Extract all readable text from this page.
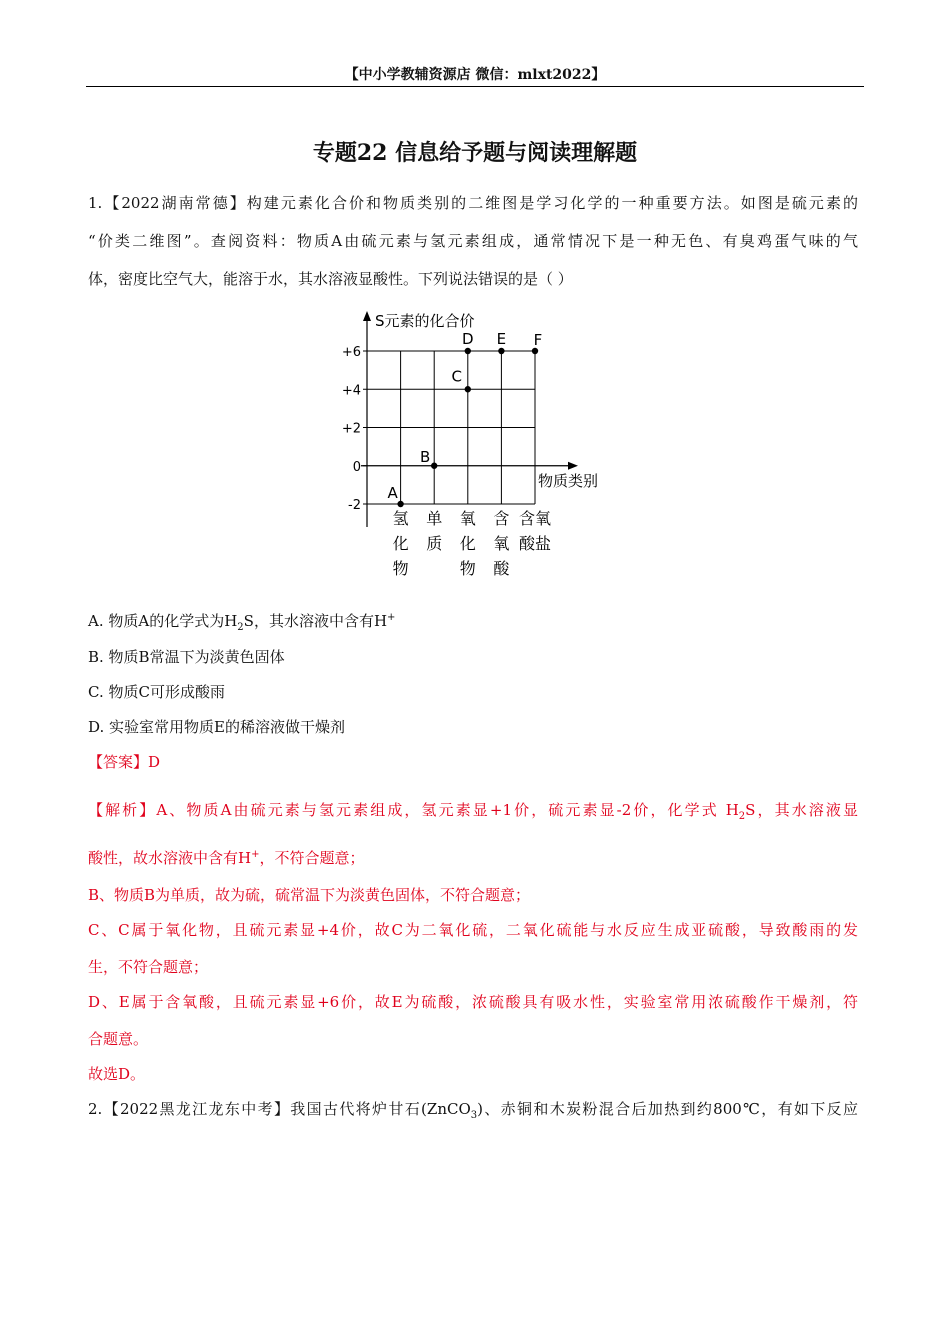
【中小学教辅资源店 微信：mlxt2022】
专题22 信息给予题与阅读理解题
1.【2022湖南常德】构建元素化合价和物质类别的二维图是学习化学的一种重要方法。如图是硫元素的
“价类二维图”。查阅资料：物质A由硫元素与氢元素组成，通常情况下是一种无色、有臭鸡蛋气味的气
体，密度比空气大，能溶于水，其水溶液显酸性。下列说法错误的是（ ）
S元素的化合价
物质类别
+6
+4
+2
0
-2
氢
化
物
单
质
氧
化
物
含
氧
酸
含氧
酸盐
A
B
C
D E F
A. 物质A的化学式为$H_2S$，其水溶液中含有H+
B. 物质B常温下为淡黄色固体
C. 物质C可形成酸雨
D. 实验室常用物质E的稀溶液做干燥剂
【答案】D
【解析】A、物质A由硫元素与氢元素组成，氢元素显+1价，硫元素显-2价，化学式 $H_2S$，其水溶液显
酸性，故水溶液中含有H+，不符合题意；
B、物质B为单质，故为硫，硫常温下为淡黄色固体，不符合题意；
C、C属于氧化物，且硫元素显+4价，故C为二氧化硫，二氧化硫能与水反应生成亚硫酸，导致酸雨的发
生，不符合题意；
D、E属于含氧酸，且硫元素显+6价，故E为硫酸，浓硫酸具有吸水性，实验室常用浓硫酸作干燥剂，符
合题意。
故选D。
2.【2022黑龙江龙东中考】我国古代将炉甘石(ZnCO$_3$)、赤铜和木炭粉混合后加热到约800℃，有如下反应
